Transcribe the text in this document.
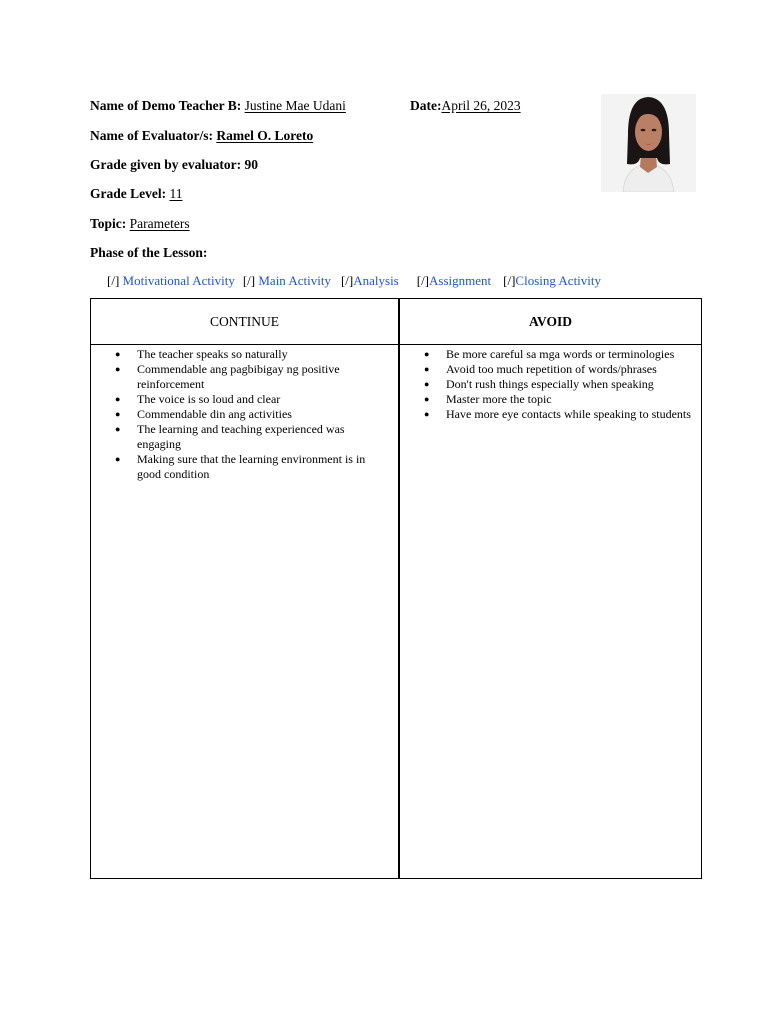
Name of Demo Teacher B: Justine Mae Udani	Date:April 26, 2023
Name of Evaluator/s: Ramel O. Loreto
Grade given by evaluator: 90
Grade Level: 11
Topic: Parameters
Phase of the Lesson:
[/] Motivational Activity [/] Main Activity [/]Analysis [/]Assignment [/]Closing Activity
CONTINUE
● The teacher speaks so naturally
● Commendable ang pagbibigay ng positive reinforcement
● The voice is so loud and clear
● Commendable din ang activities
● The learning and teaching experienced was engaging
● Making sure that the learning environment is in good condition
AVOID
● Be more careful sa mga words or terminologies
● Avoid too much repetition of words/phrases
● Don't rush things especially when speaking
● Master more the topic
● Have more eye contacts while speaking to students
